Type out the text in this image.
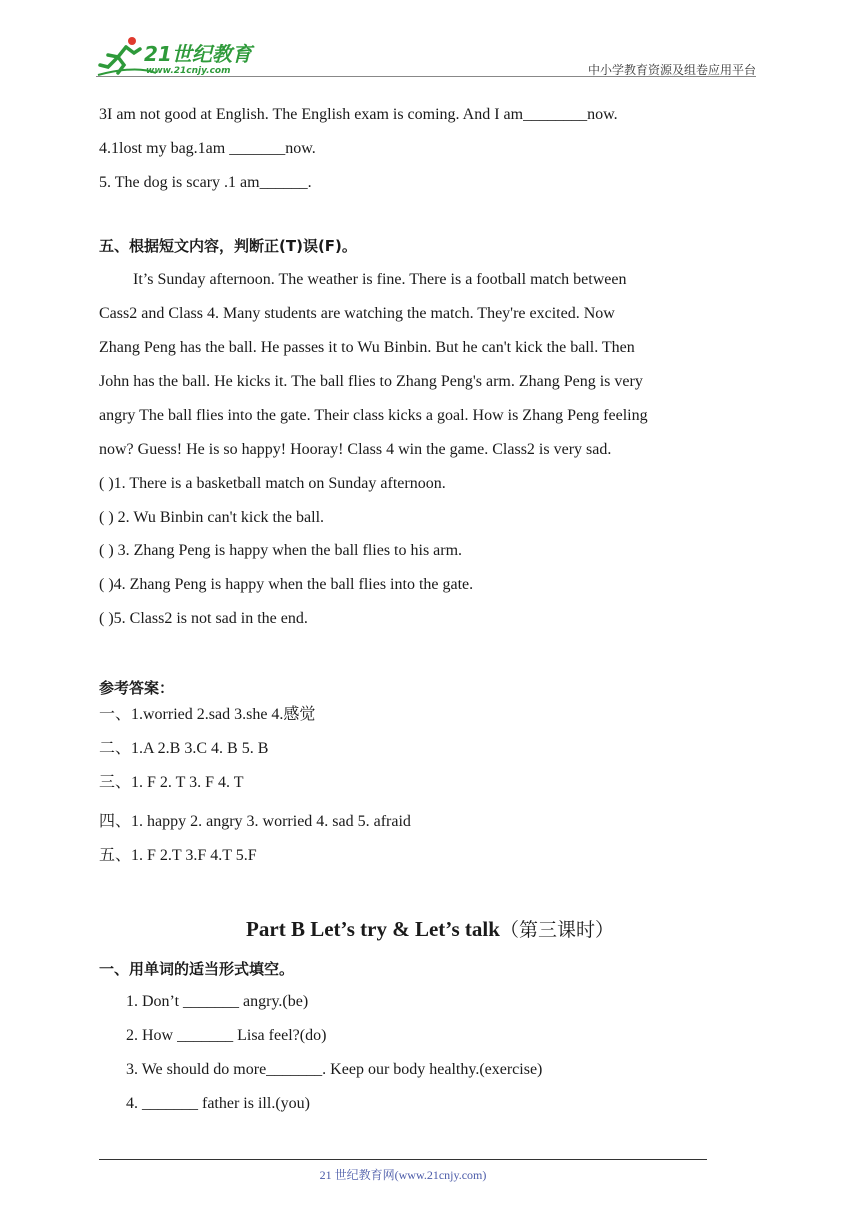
21世纪教育
www.21cnjy.com	中小学教育资源及组卷应用平台
3I am not good at English. The English exam is coming. And I am________now.
4.1lost my bag.1am _______now.
5. The dog is scary .1 am______.
五、根据短文内容，判断正(T)误(F)。
It’s Sunday afternoon. The weather is fine. There is a football match between
Cass2 and Class 4. Many students are watching the match. They're excited. Now
Zhang Peng has the ball. He passes it to Wu Binbin. But he can't kick the ball. Then
John has the ball. He kicks it. The ball flies to Zhang Peng's arm. Zhang Peng is very
angry The ball flies into the gate. Their class kicks a goal. How is Zhang Peng feeling
now? Guess! He is so happy! Hooray! Class 4 win the game. Class2 is very sad.
( )1. There is a basketball match on Sunday afternoon.
( ) 2. Wu Binbin can't kick the ball.
( ) 3. Zhang Peng is happy when the ball flies to his arm.
( )4. Zhang Peng is happy when the ball flies into the gate.
( )5. Class2 is not sad in the end.
参考答案：
一、1.worried 2.sad 3.she 4.感觉
二、1.A 2.B 3.C 4. B 5. B
三、1. F 2. T 3. F 4. T
四、1. happy 2. angry 3. worried 4. sad 5. afraid
五、1. F 2.T 3.F 4.T 5.F
Part B Let’s try & Let’s talk（第三课时）
一、用单词的适当形式填空。
1. Don’t _______ angry.(be)
2. How _______ Lisa feel?(do)
3. We should do more_______. Keep our body healthy.(exercise)
4. _______ father is ill.(you)
21 世纪教育网(www.21cnjy.com)
